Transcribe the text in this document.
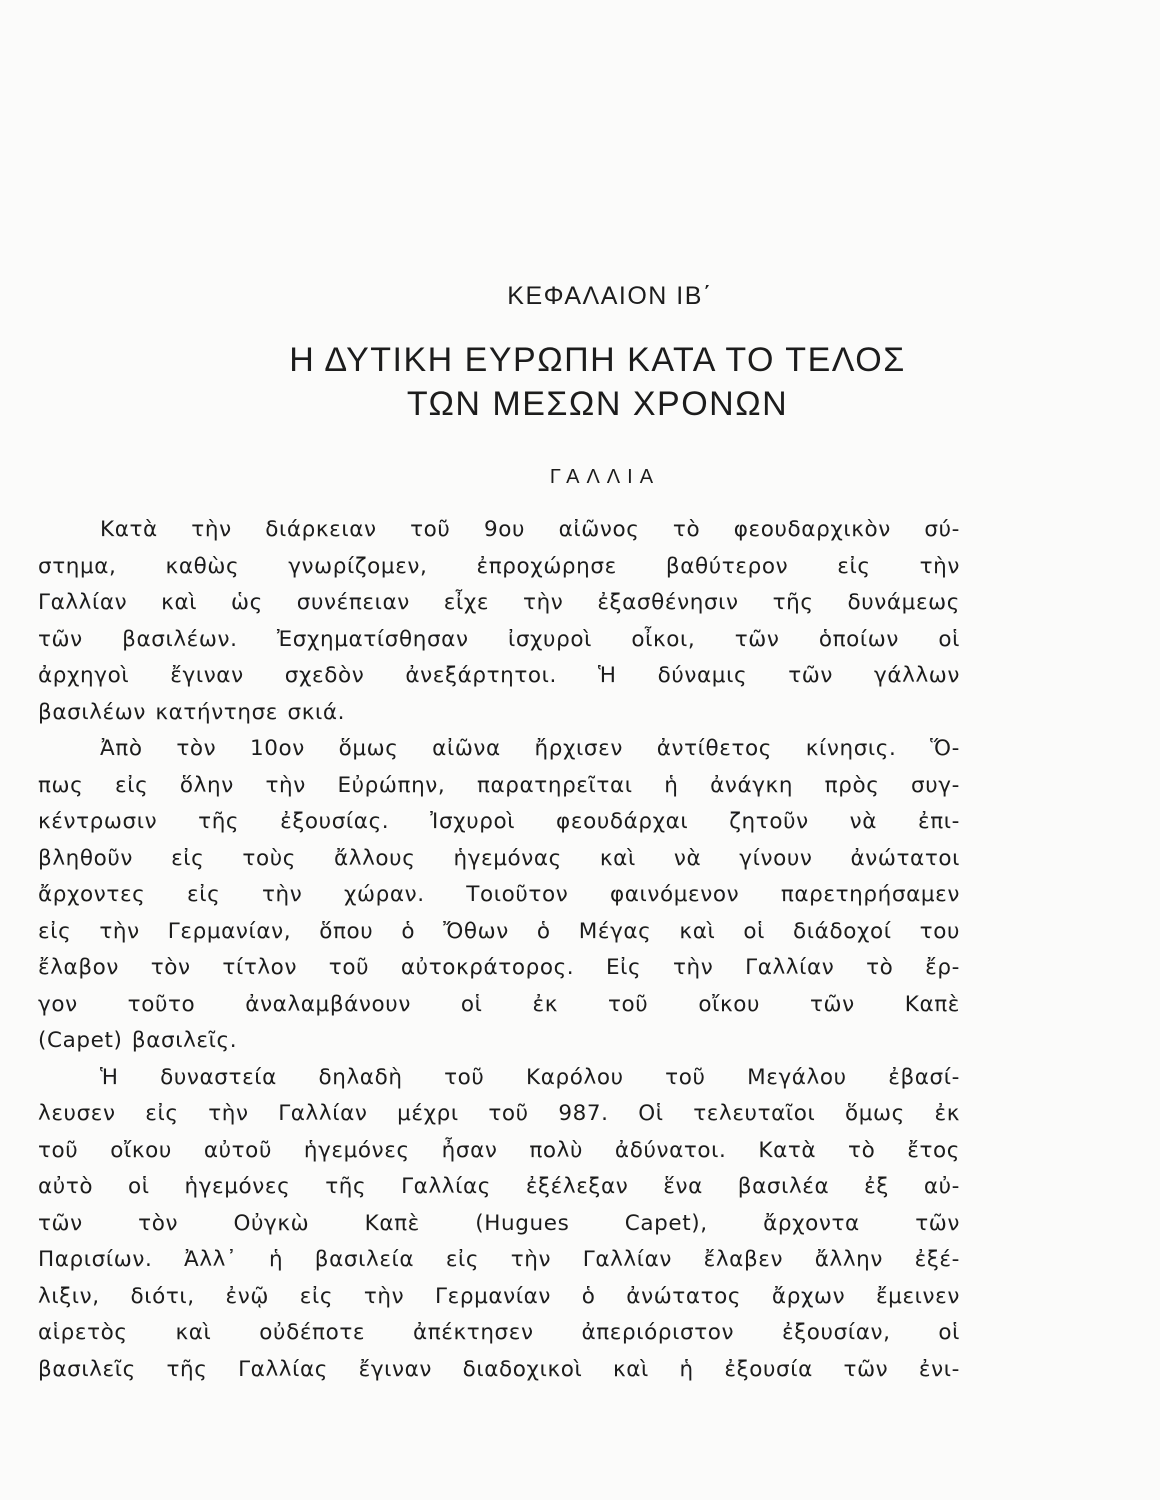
ΚΕΦΑΛΑΙΟΝ ΙΒ΄
Η ΔΥΤΙΚΗ ΕΥΡΩΠΗ ΚΑΤΑ ΤΟ ΤΕΛΟΣ
ΤΩΝ ΜΕΣΩΝ ΧΡΟΝΩΝ
ΓΑΛΛΙΑ
Κατὰ τὴν διάρκειαν τοῦ 9ου αἰῶνος τὸ φεουδαρχικὸν σύ-
στημα, καθὼς γνωρίζομεν, ἐπροχώρησε βαθύτερον εἰς τὴν
Γαλλίαν καὶ ὡς συνέπειαν εἶχε τὴν ἐξασθένησιν τῆς δυνάμεως
τῶν βασιλέων. Ἐσχηματίσθησαν ἰσχυροὶ οἶκοι, τῶν ὁποίων οἱ
ἀρχηγοὶ ἔγιναν σχεδὸν ἀνεξάρτητοι. Ἡ δύναμις τῶν γάλλων
βασιλέων κατήντησε σκιά.
Ἀπὸ τὸν 10ον ὅμως αἰῶνα ἤρχισεν ἀντίθετος κίνησις. Ὅ-
πως εἰς ὅλην τὴν Εὐρώπην, παρατηρεῖται ἡ ἀνάγκη πρὸς συγ-
κέντρωσιν τῆς ἐξουσίας. Ἰσχυροὶ φεουδάρχαι ζητοῦν νὰ ἐπι-
βληθοῦν εἰς τοὺς ἄλλους ἡγεμόνας καὶ νὰ γίνουν ἀνώτατοι
ἄρχοντες εἰς τὴν χώραν. Τοιοῦτον φαινόμενον παρετηρήσαμεν
εἰς τὴν Γερμανίαν, ὅπου ὁ Ὄθων ὁ Μέγας καὶ οἱ διάδοχοί του
ἔλαβον τὸν τίτλον τοῦ αὐτοκράτορος. Εἰς τὴν Γαλλίαν τὸ ἔρ-
γον τοῦτο ἀναλαμβάνουν οἱ ἐκ τοῦ οἴκου τῶν Καπὲ
(Capet) βασιλεῖς.
Ἡ δυναστεία δηλαδὴ τοῦ Καρόλου τοῦ Μεγάλου ἐβασί-
λευσεν εἰς τὴν Γαλλίαν μέχρι τοῦ 987. Οἱ τελευταῖοι ὅμως ἐκ
τοῦ οἴκου αὐτοῦ ἡγεμόνες ἦσαν πολὺ ἀδύνατοι. Κατὰ τὸ ἔτος
αὐτὸ οἱ ἡγεμόνες τῆς Γαλλίας ἐξέλεξαν ἕνα βασιλέα ἐξ αὐ-
τῶν τὸν Οὐγκὼ Καπὲ (Hugues Capet), ἄρχοντα τῶν
Παρισίων. Ἀλλ᾽ ἡ βασιλεία εἰς τὴν Γαλλίαν ἔλαβεν ἄλλην ἐξέ-
λιξιν, διότι, ἐνῷ εἰς τὴν Γερμανίαν ὁ ἀνώτατος ἄρχων ἔμεινεν
αἱρετὸς καὶ οὐδέποτε ἀπέκτησεν ἀπεριόριστον ἐξουσίαν, οἱ
βασιλεῖς τῆς Γαλλίας ἔγιναν διαδοχικοὶ καὶ ἡ ἐξουσία τῶν ἐνι-
